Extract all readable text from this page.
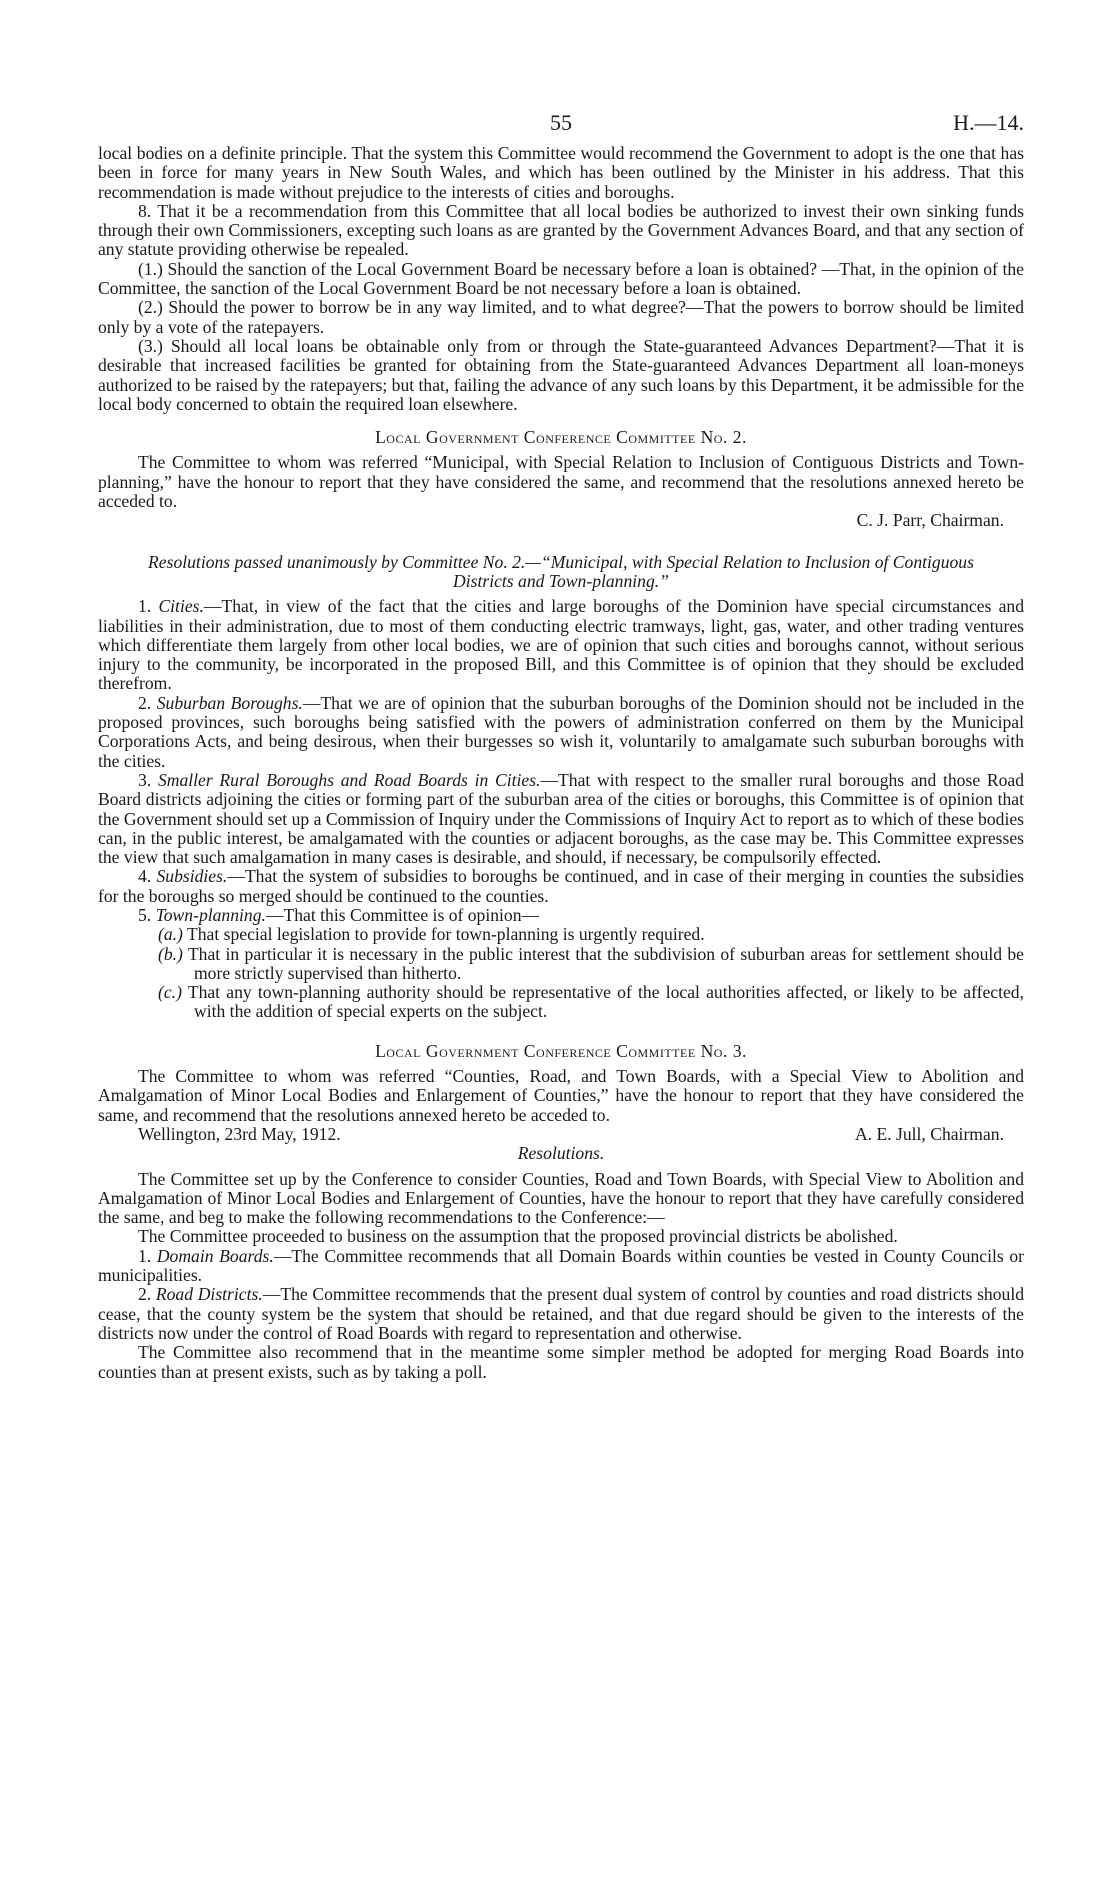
55	H.—14.

local bodies on a definite principle. That the system this Committee would recommend the Government to adopt is the one that has been in force for many years in New South Wales, and which has been outlined by the Minister in his address. That this recommendation is made without prejudice to the interests of cities and boroughs.

8. That it be a recommendation from this Committee that all local bodies be authorized to invest their own sinking funds through their own Commissioners, excepting such loans as are granted by the Government Advances Board, and that any section of any statute providing otherwise be repealed.

(1.) Should the sanction of the Local Government Board be necessary before a loan is obtained? —That, in the opinion of the Committee, the sanction of the Local Government Board be not necessary before a loan is obtained.

(2.) Should the power to borrow be in any way limited, and to what degree?—That the powers to borrow should be limited only by a vote of the ratepayers.

(3.) Should all local loans be obtainable only from or through the State-guaranteed Advances Department?—That it is desirable that increased facilities be granted for obtaining from the State-guaranteed Advances Department all loan-moneys authorized to be raised by the ratepayers; but that, failing the advance of any such loans by this Department, it be admissible for the local body concerned to obtain the required loan elsewhere.

Local Government Conference Committee No. 2.

The Committee to whom was referred “Municipal, with Special Relation to Inclusion of Contiguous Districts and Town-planning,” have the honour to report that they have considered the same, and recommend that the resolutions annexed hereto be acceded to.

C. J. Parr, Chairman.

Resolutions passed unanimously by Committee No. 2.—“Municipal, with Special Relation to Inclusion of Contiguous Districts and Town-planning.”

1. Cities.—That, in view of the fact that the cities and large boroughs of the Dominion have special circumstances and liabilities in their administration, due to most of them conducting electric tramways, light, gas, water, and other trading ventures which differentiate them largely from other local bodies, we are of opinion that such cities and boroughs cannot, without serious injury to the community, be incorporated in the proposed Bill, and this Committee is of opinion that they should be excluded therefrom.

2. Suburban Boroughs.—That we are of opinion that the suburban boroughs of the Dominion should not be included in the proposed provinces, such boroughs being satisfied with the powers of administration conferred on them by the Municipal Corporations Acts, and being desirous, when their burgesses so wish it, voluntarily to amalgamate such suburban boroughs with the cities.

3. Smaller Rural Boroughs and Road Boards in Cities.—That with respect to the smaller rural boroughs and those Road Board districts adjoining the cities or forming part of the suburban area of the cities or boroughs, this Committee is of opinion that the Government should set up a Commission of Inquiry under the Commissions of Inquiry Act to report as to which of these bodies can, in the public interest, be amalgamated with the counties or adjacent boroughs, as the case may be. This Committee expresses the view that such amalgamation in many cases is desirable, and should, if necessary, be compulsorily effected.

4. Subsidies.—That the system of subsidies to boroughs be continued, and in case of their merging in counties the subsidies for the boroughs so merged should be continued to the counties.

5. Town-planning.—That this Committee is of opinion—

(a.) That special legislation to provide for town-planning is urgently required.

(b.) That in particular it is necessary in the public interest that the subdivision of suburban areas for settlement should be more strictly supervised than hitherto.

(c.) That any town-planning authority should be representative of the local authorities affected, or likely to be affected, with the addition of special experts on the subject.

Local Government Conference Committee No. 3.

The Committee to whom was referred “Counties, Road, and Town Boards, with a Special View to Abolition and Amalgamation of Minor Local Bodies and Enlargement of Counties,” have the honour to report that they have considered the same, and recommend that the resolutions annexed hereto be acceded to.

Wellington, 23rd May, 1912.	A. E. Jull, Chairman.

Resolutions.

The Committee set up by the Conference to consider Counties, Road and Town Boards, with Special View to Abolition and Amalgamation of Minor Local Bodies and Enlargement of Counties, have the honour to report that they have carefully considered the same, and beg to make the following recommendations to the Conference:—

The Committee proceeded to business on the assumption that the proposed provincial districts be abolished.

1. Domain Boards.—The Committee recommends that all Domain Boards within counties be vested in County Councils or municipalities.

2. Road Districts.—The Committee recommends that the present dual system of control by counties and road districts should cease, that the county system be the system that should be retained, and that due regard should be given to the interests of the districts now under the control of Road Boards with regard to representation and otherwise.

The Committee also recommend that in the meantime some simpler method be adopted for merging Road Boards into counties than at present exists, such as by taking a poll.
